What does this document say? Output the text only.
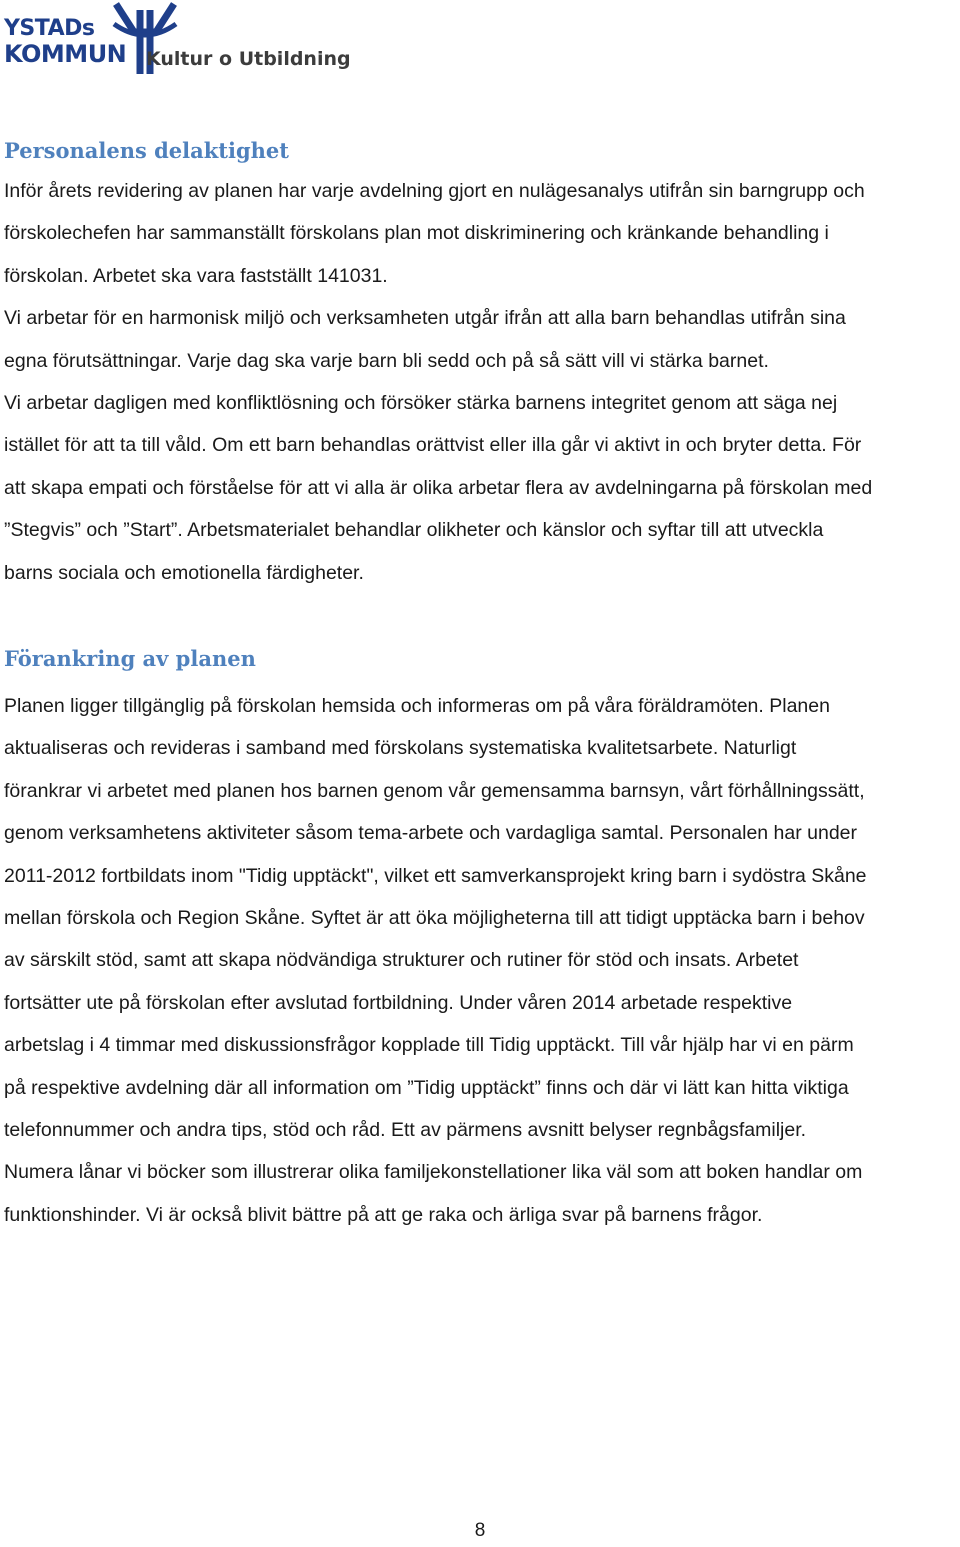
YSTADs
KOMMUN Kultur o Utbildning
Personalens delaktighet

Inför årets revidering av planen har varje avdelning gjort en nulägesanalys utifrån sin barngrupp och

förskolechefen har sammanställt förskolans plan mot diskriminering och kränkande behandling i

förskolan. Arbetet ska vara fastställt 141031.

Vi arbetar för en harmonisk miljö och verksamheten utgår ifrån att alla barn behandlas utifrån sina

egna förutsättningar. Varje dag ska varje barn bli sedd och på så sätt vill vi stärka barnet.

Vi arbetar dagligen med konfliktlösning och försöker stärka barnens integritet genom att säga nej

istället för att ta till våld. Om ett barn behandlas orättvist eller illa går vi aktivt in och bryter detta. För

att skapa empati och förståelse för att vi alla är olika arbetar flera av avdelningarna på förskolan med

”Stegvis” och ”Start”. Arbetsmaterialet behandlar olikheter och känslor och syftar till att utveckla

barns sociala och emotionella färdigheter.

Förankring av planen

Planen ligger tillgänglig på förskolan hemsida och informeras om på våra föräldramöten. Planen

aktualiseras och revideras i samband med förskolans systematiska kvalitetsarbete. Naturligt

förankrar vi arbetet med planen hos barnen genom vår gemensamma barnsyn, vårt förhållningssätt,

genom verksamhetens aktiviteter såsom tema-arbete och vardagliga samtal. Personalen har under

2011-2012 fortbildats inom "Tidig upptäckt", vilket ett samverkansprojekt kring barn i sydöstra Skåne

mellan förskola och Region Skåne. Syftet är att öka möjligheterna till att tidigt upptäcka barn i behov

av särskilt stöd, samt att skapa nödvändiga strukturer och rutiner för stöd och insats. Arbetet

fortsätter ute på förskolan efter avslutad fortbildning. Under våren 2014 arbetade respektive

arbetslag i 4 timmar med diskussionsfrågor kopplade till Tidig upptäckt. Till vår hjälp har vi en pärm

på respektive avdelning där all information om ”Tidig upptäckt” finns och där vi lätt kan hitta viktiga

telefonnummer och andra tips, stöd och råd. Ett av pärmens avsnitt belyser regnbågsfamiljer.

Numera lånar vi böcker som illustrerar olika familjekonstellationer lika väl som att boken handlar om

funktionshinder. Vi är också blivit bättre på att ge raka och ärliga svar på barnens frågor.

8
